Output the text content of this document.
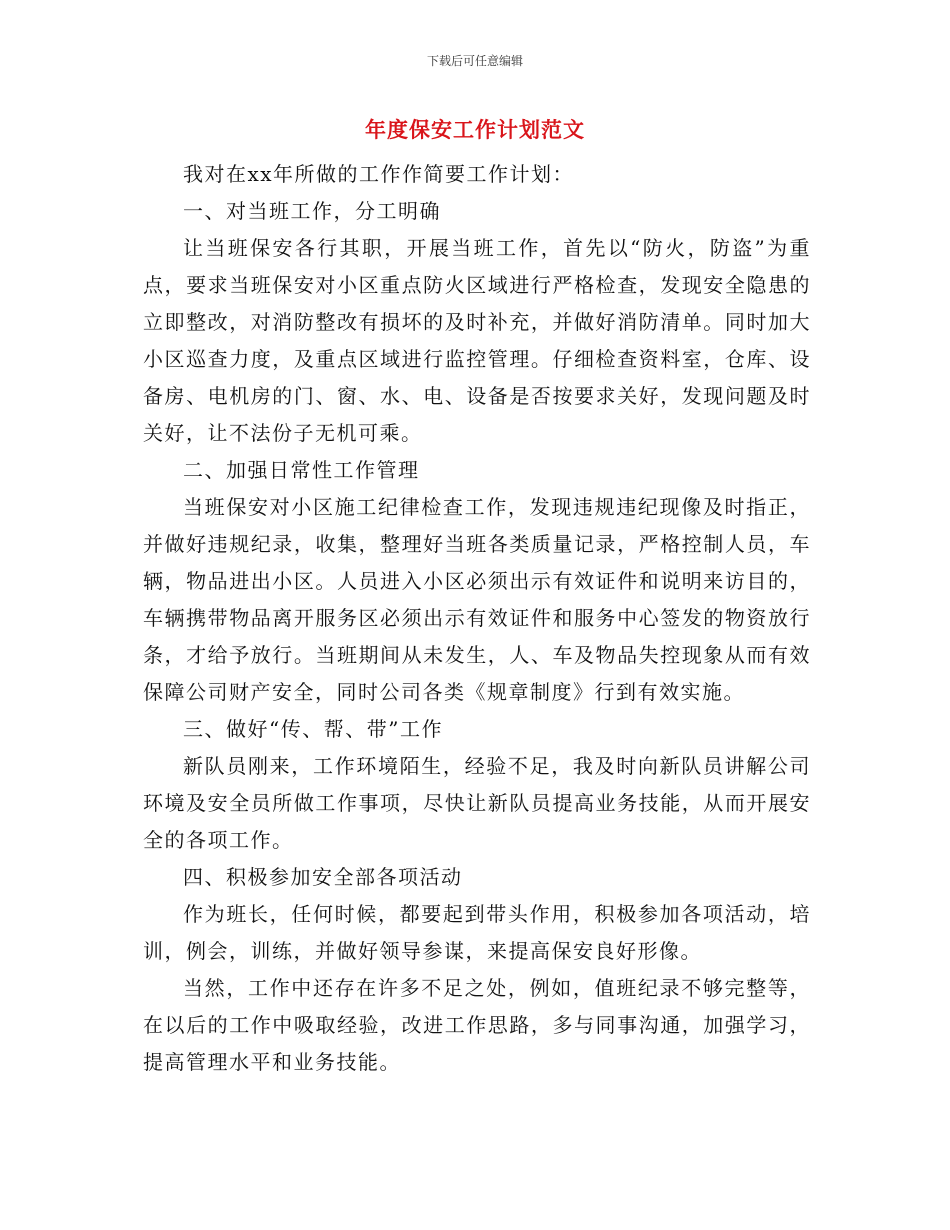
下载后可任意编辑
年度保安工作计划范文

我对在xx年所做的工作作简要工作计划：

一、对当班工作，分工明确

让当班保安各行其职，开展当班工作，首先以“防火，防盗”为重点，要求当班保安对小区重点防火区域进行严格检查，发现安全隐患的立即整改，对消防整改有损坏的及时补充，并做好消防清单。同时加大小区巡查力度，及重点区域进行监控管理。仔细检查资料室，仓库、设备房、电机房的门、窗、水、电、设备是否按要求关好，发现问题及时关好，让不法份子无机可乘。

二、加强日常性工作管理

当班保安对小区施工纪律检查工作，发现违规违纪现像及时指正，并做好违规纪录，收集，整理好当班各类质量记录，严格控制人员，车辆，物品进出小区。人员进入小区必须出示有效证件和说明来访目的，车辆携带物品离开服务区必须出示有效证件和服务中心签发的物资放行条，才给予放行。当班期间从未发生，人、车及物品失控现象从而有效保障公司财产安全，同时公司各类《规章制度》行到有效实施。

三、做好“传、帮、带”工作

新队员刚来，工作环境陌生，经验不足，我及时向新队员讲解公司环境及安全员所做工作事项，尽快让新队员提高业务技能，从而开展安全的各项工作。

四、积极参加安全部各项活动

作为班长，任何时候，都要起到带头作用，积极参加各项活动，培训，例会，训练，并做好领导参谋，来提高保安良好形像。

当然，工作中还存在许多不足之处，例如，值班纪录不够完整等，在以后的工作中吸取经验，改进工作思路，多与同事沟通，加强学习，提高管理水平和业务技能。
